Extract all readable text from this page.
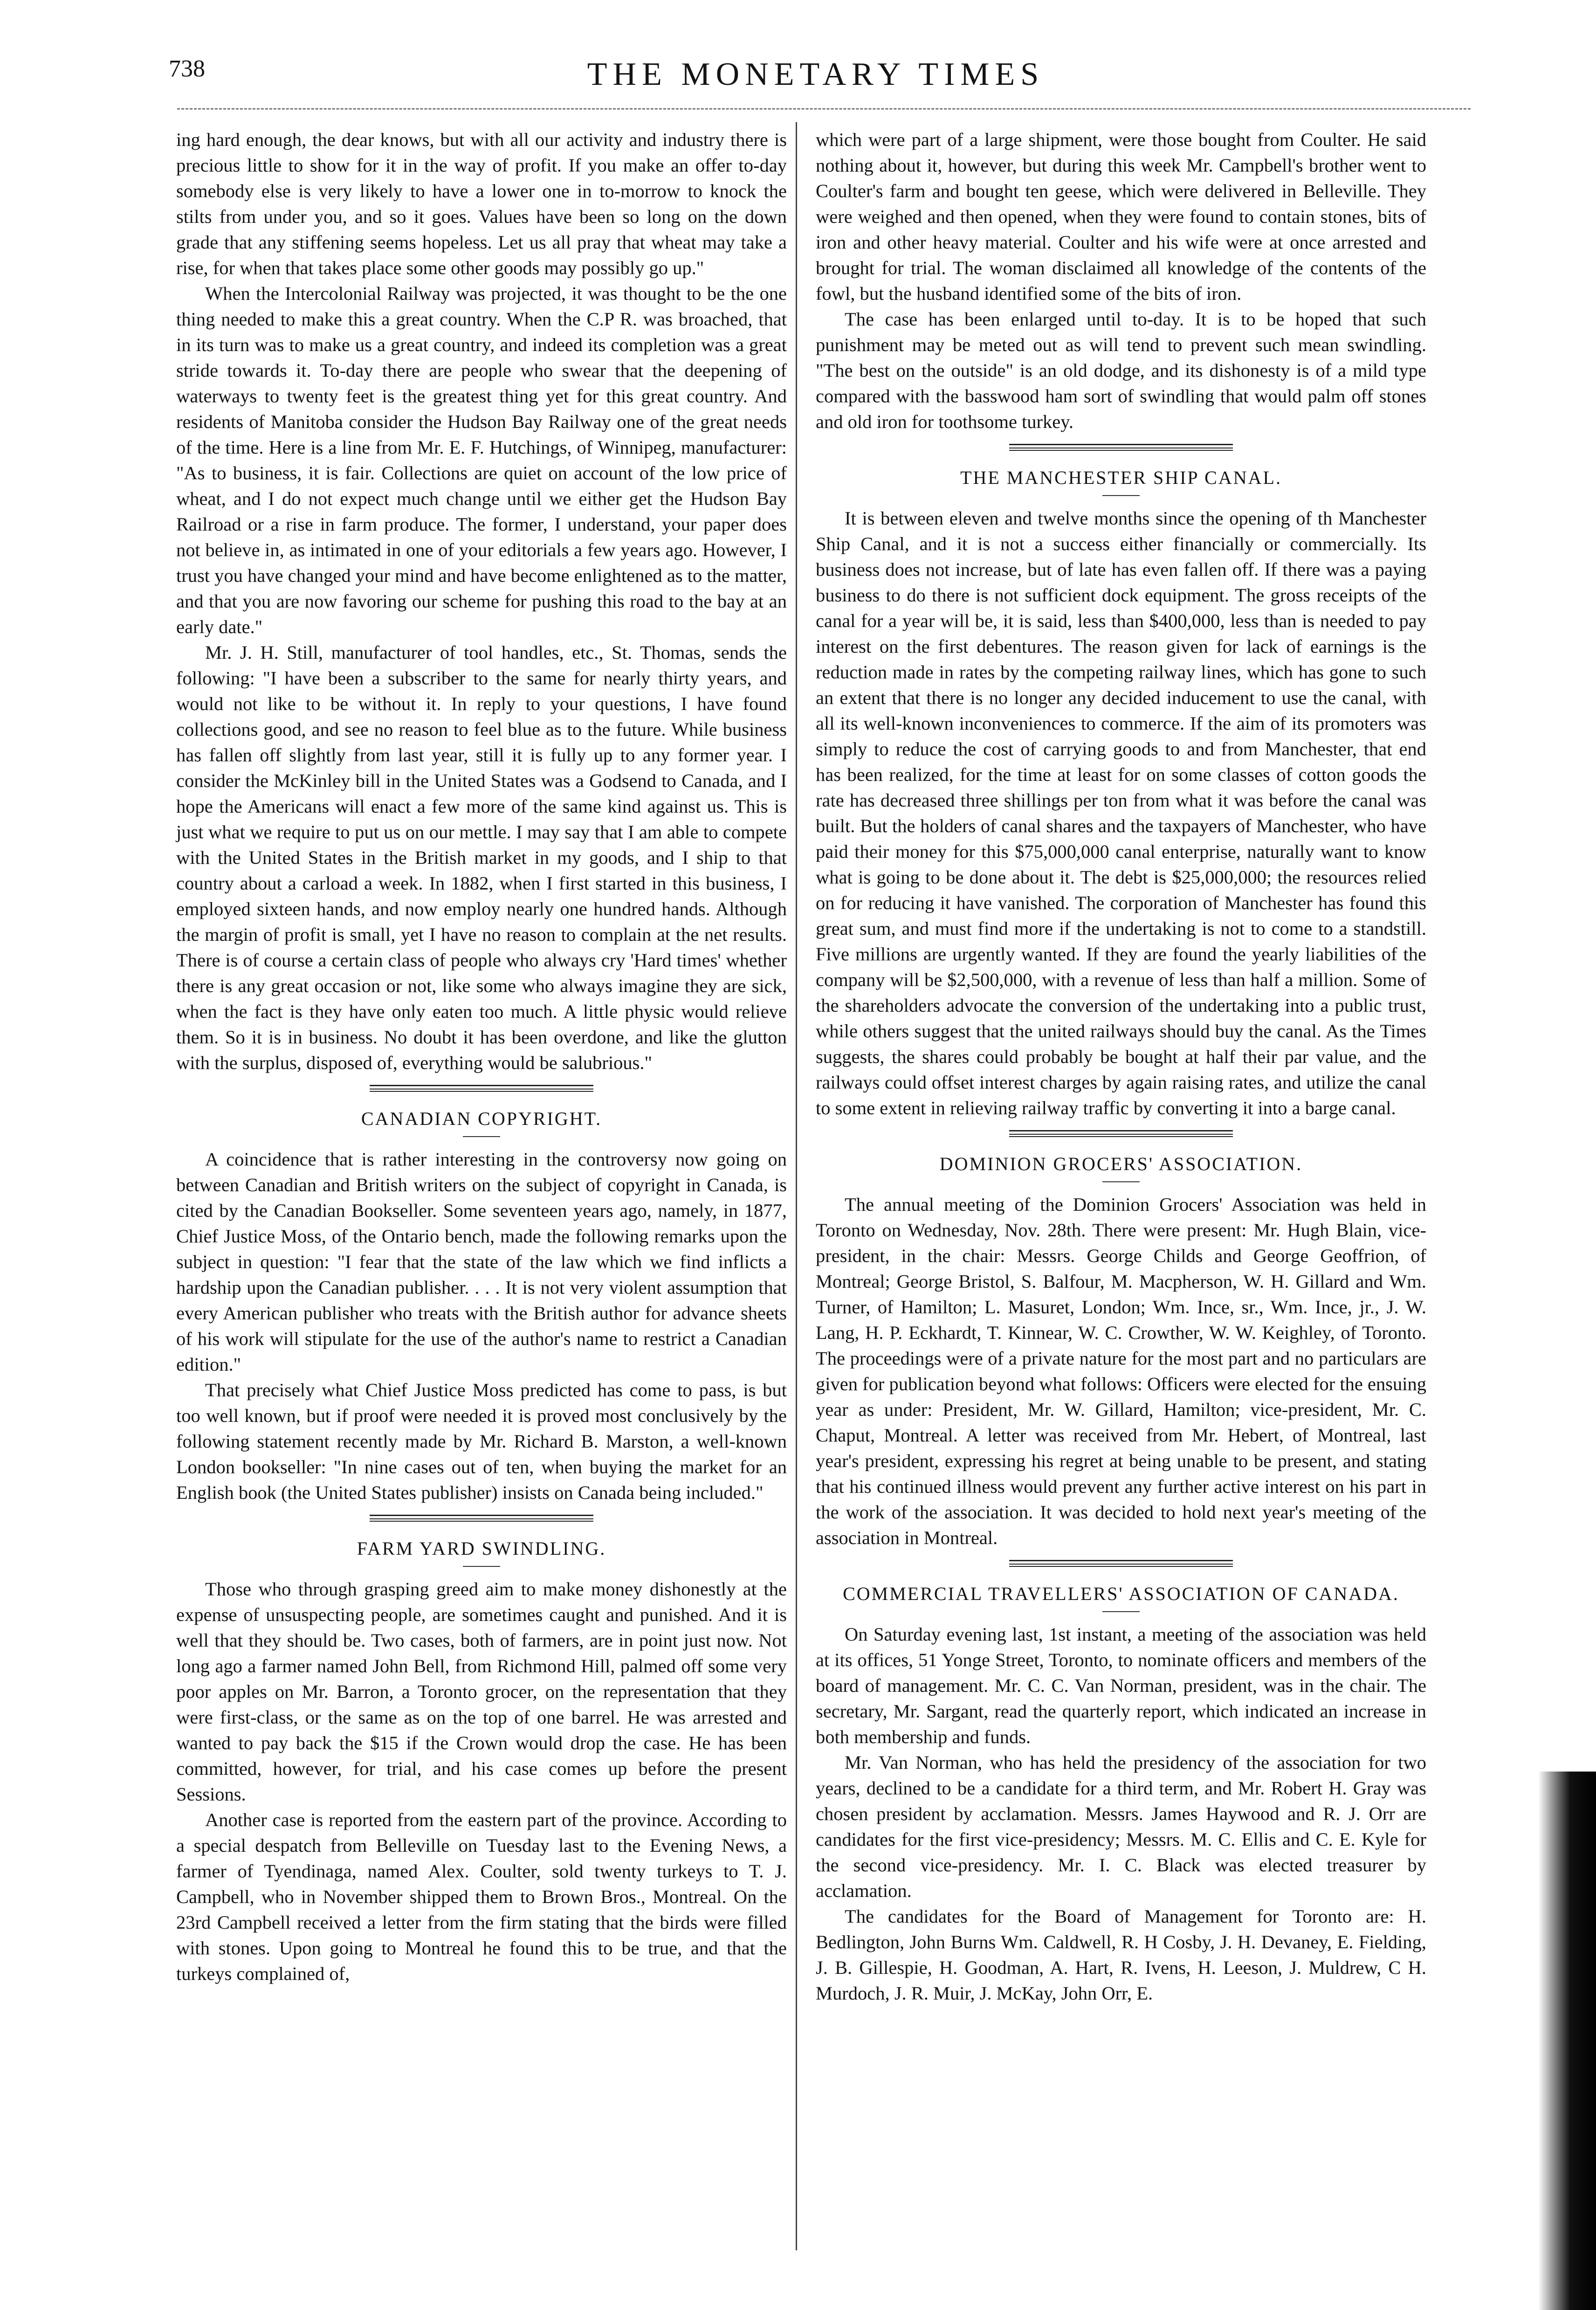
738	THE MONETARY TIMES

ing hard enough, the dear knows, but with all our activity and industry there is precious little to show for it in the way of profit. If you make an offer to-day somebody else is very likely to have a lower one in to-morrow to knock the stilts from under you, and so it goes. Values have been so long on the down grade that any stiffening seems hopeless. Let us all pray that wheat may take a rise, for when that takes place some other goods may possibly go up."

When the Intercolonial Railway was projected, it was thought to be the one thing needed to make this a great country. When the C.P R. was broached, that in its turn was to make us a great country, and indeed its completion was a great stride towards it. To-day there are people who swear that the deepening of waterways to twenty feet is the greatest thing yet for this great country. And residents of Manitoba consider the Hudson Bay Railway one of the great needs of the time. Here is a line from Mr. E. F. Hutchings, of Winnipeg, manufacturer: "As to business, it is fair. Collections are quiet on account of the low price of wheat, and I do not expect much change until we either get the Hudson Bay Railroad or a rise in farm produce. The former, I understand, your paper does not believe in, as intimated in one of your editorials a few years ago. However, I trust you have changed your mind and have become enlightened as to the matter, and that you are now favoring our scheme for pushing this road to the bay at an early date."

Mr. J. H. Still, manufacturer of tool handles, etc., St. Thomas, sends the following: "I have been a subscriber to the same for nearly thirty years, and would not like to be without it. In reply to your questions, I have found collections good, and see no reason to feel blue as to the future. While business has fallen off slightly from last year, still it is fully up to any former year. I consider the McKinley bill in the United States was a Godsend to Canada, and I hope the Americans will enact a few more of the same kind against us. This is just what we require to put us on our mettle. I may say that I am able to compete with the United States in the British market in my goods, and I ship to that country about a carload a week. In 1882, when I first started in this business, I employed sixteen hands, and now employ nearly one hundred hands. Although the margin of profit is small, yet I have no reason to complain at the net results. There is of course a certain class of people who always cry 'Hard times' whether there is any great occasion or not, like some who always imagine they are sick, when the fact is they have only eaten too much. A little physic would relieve them. So it is in business. No doubt it has been overdone, and like the glutton with the surplus, disposed of, everything would be salubrious."

CANADIAN COPYRIGHT.

A coincidence that is rather interesting in the controversy now going on between Canadian and British writers on the subject of copyright in Canada, is cited by the Canadian Bookseller. Some seventeen years ago, namely, in 1877, Chief Justice Moss, of the Ontario bench, made the following remarks upon the subject in question: "I fear that the state of the law which we find inflicts a hardship upon the Canadian publisher. . . . It is not very violent assumption that every American publisher who treats with the British author for advance sheets of his work will stipulate for the use of the author's name to restrict a Canadian edition."

That precisely what Chief Justice Moss predicted has come to pass, is but too well known, but if proof were needed it is proved most conclusively by the following statement recently made by Mr. Richard B. Marston, a well-known London bookseller: "In nine cases out of ten, when buying the market for an English book (the United States publisher) insists on Canada being included."

FARM YARD SWINDLING.

Those who through grasping greed aim to make money dishonestly at the expense of unsuspecting people, are sometimes caught and punished. And it is well that they should be. Two cases, both of farmers, are in point just now. Not long ago a farmer named John Bell, from Richmond Hill, palmed off some very poor apples on Mr. Barron, a Toronto grocer, on the representation that they were first-class, or the same as on the top of one barrel. He was arrested and wanted to pay back the $15 if the Crown would drop the case. He has been committed, however, for trial, and his case comes up before the present Sessions.

Another case is reported from the eastern part of the province. According to a special despatch from Belleville on Tuesday last to the Evening News, a farmer of Tyendinaga, named Alex. Coulter, sold twenty turkeys to T. J. Campbell, who in November shipped them to Brown Bros., Montreal. On the 23rd Campbell received a letter from the firm stating that the birds were filled with stones. Upon going to Montreal he found this to be true, and that the turkeys complained of,

which were part of a large shipment, were those bought from Coulter. He said nothing about it, however, but during this week Mr. Campbell's brother went to Coulter's farm and bought ten geese, which were delivered in Belleville. They were weighed and then opened, when they were found to contain stones, bits of iron and other heavy material. Coulter and his wife were at once arrested and brought for trial. The woman disclaimed all knowledge of the contents of the fowl, but the husband identified some of the bits of iron.

The case has been enlarged until to-day. It is to be hoped that such punishment may be meted out as will tend to prevent such mean swindling. "The best on the outside" is an old dodge, and its dishonesty is of a mild type compared with the basswood ham sort of swindling that would palm off stones and old iron for toothsome turkey.

THE MANCHESTER SHIP CANAL.

It is between eleven and twelve months since the opening of th Manchester Ship Canal, and it is not a success either financially or commercially. Its business does not increase, but of late has even fallen off. If there was a paying business to do there is not sufficient dock equipment. The gross receipts of the canal for a year will be, it is said, less than $400,000, less than is needed to pay interest on the first debentures. The reason given for lack of earnings is the reduction made in rates by the competing railway lines, which has gone to such an extent that there is no longer any decided inducement to use the canal, with all its well-known inconveniences to commerce. If the aim of its promoters was simply to reduce the cost of carrying goods to and from Manchester, that end has been realized, for the time at least for on some classes of cotton goods the rate has decreased three shillings per ton from what it was before the canal was built. But the holders of canal shares and the taxpayers of Manchester, who have paid their money for this $75,000,000 canal enterprise, naturally want to know what is going to be done about it. The debt is $25,000,000; the resources relied on for reducing it have vanished. The corporation of Manchester has found this great sum, and must find more if the undertaking is not to come to a standstill. Five millions are urgently wanted. If they are found the yearly liabilities of the company will be $2,500,000, with a revenue of less than half a million. Some of the shareholders advocate the conversion of the undertaking into a public trust, while others suggest that the united railways should buy the canal. As the Times suggests, the shares could probably be bought at half their par value, and the railways could offset interest charges by again raising rates, and utilize the canal to some extent in relieving railway traffic by converting it into a barge canal.

DOMINION GROCERS' ASSOCIATION.

The annual meeting of the Dominion Grocers' Association was held in Toronto on Wednesday, Nov. 28th. There were present: Mr. Hugh Blain, vice-president, in the chair: Messrs. George Childs and George Geoffrion, of Montreal; George Bristol, S. Balfour, M. Macpherson, W. H. Gillard and Wm. Turner, of Hamilton; L. Masuret, London; Wm. Ince, sr., Wm. Ince, jr., J. W. Lang, H. P. Eckhardt, T. Kinnear, W. C. Crowther, W. W. Keighley, of Toronto. The proceedings were of a private nature for the most part and no particulars are given for publication beyond what follows: Officers were elected for the ensuing year as under: President, Mr. W. Gillard, Hamilton; vice-president, Mr. C. Chaput, Montreal. A letter was received from Mr. Hebert, of Montreal, last year's president, expressing his regret at being unable to be present, and stating that his continued illness would prevent any further active interest on his part in the work of the association. It was decided to hold next year's meeting of the association in Montreal.

COMMERCIAL TRAVELLERS' ASSOCIATION OF CANADA.

On Saturday evening last, 1st instant, a meeting of the association was held at its offices, 51 Yonge Street, Toronto, to nominate officers and members of the board of management. Mr. C. C. Van Norman, president, was in the chair. The secretary, Mr. Sargant, read the quarterly report, which indicated an increase in both membership and funds.

Mr. Van Norman, who has held the presidency of the association for two years, declined to be a candidate for a third term, and Mr. Robert H. Gray was chosen president by acclamation. Messrs. James Haywood and R. J. Orr are candidates for the first vice-presidency; Messrs. M. C. Ellis and C. E. Kyle for the second vice-presidency. Mr. I. C. Black was elected treasurer by acclamation.

The candidates for the Board of Management for Toronto are: H. Bedlington, John Burns Wm. Caldwell, R. H Cosby, J. H. Devaney, E. Fielding, J. B. Gillespie, H. Goodman, A. Hart, R. Ivens, H. Leeson, J. Muldrew, C H. Murdoch, J. R. Muir, J. McKay, John Orr, E.
